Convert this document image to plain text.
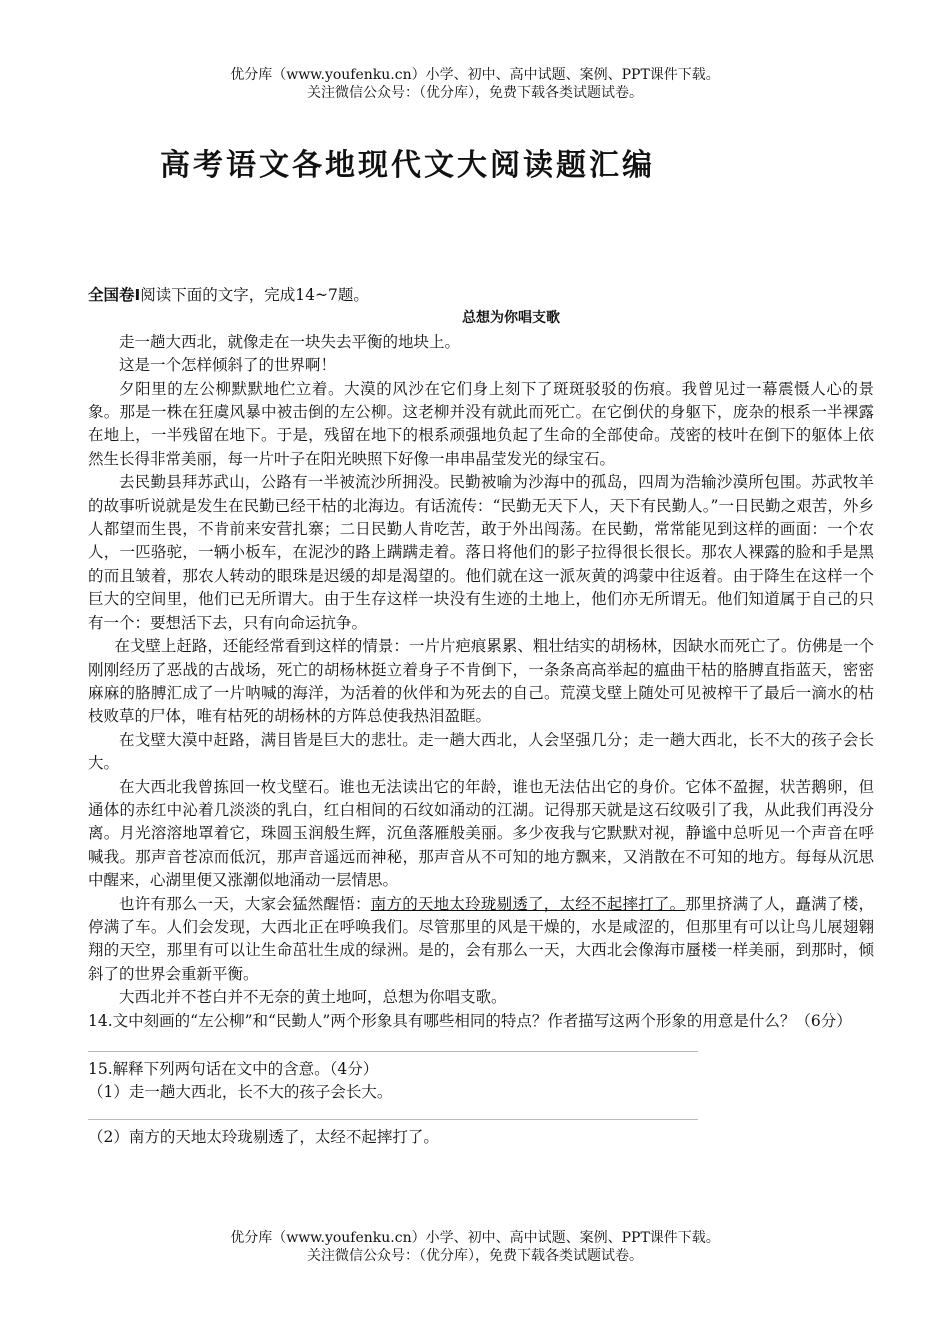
优分库（www.youfenku.cn）小学、初中、高中试题、案例、PPT课件下载。
关注微信公众号：（优分库），免费下载各类试题试卷。
高考语文各地现代文大阅读题汇编
全国卷Ⅰ阅读下面的文字，完成14~7题。
总想为你唱支歌
走一趟大西北，就像走在一块失去平衡的地块上。
这是一个怎样倾斜了的世界啊！
夕阳里的左公柳默默地伫立着。大漠的风沙在它们身上刻下了斑斑驳驳的伤痕。我曾见过一幕震慑人心的景象。那是一株在狂虞风暴中被击倒的左公柳。这老柳并没有就此而死亡。在它倒伏的身躯下，庞杂的根系一半裸露在地上，一半残留在地下。于是，残留在地下的根系顽强地负起了生命的全部使命。茂密的枝叶在倒下的躯体上依然生长得非常美丽，每一片叶子在阳光映照下好像一串串晶莹发光的绿宝石。
去民勤县拜苏武山，公路有一半被流沙所拥没。民勤被喻为沙海中的孤岛，四周为浩输沙漠所包围。苏武牧羊的故事听说就是发生在民勤已经干枯的北海边。有话流传：“民勤无天下人，天下有民勤人。”一日民勤之艰苦，外乡人都望而生畏，不肯前来安营扎寨；二日民勤人肯吃苦，敢于外出闯荡。在民勤，常常能见到这样的画面：一个农人，一匹骆驼，一辆小板车，在泥沙的路上蹒蹒走着。落日将他们的影子拉得很长很长。那农人裸露的脸和手是黑的而且皱着，那农人转动的眼珠是迟缓的却是渴望的。他们就在这一派灰黄的鸿蒙中往返着。由于降生在这样一个巨大的空间里，他们已无所谓大。由于生存这样一块没有生迹的土地上，他们亦无所谓无。他们知道属于自己的只有一个：要想活下去，只有向命运抗争。
在戈壁上赶路，还能经常看到这样的情景：一片片疤痕累累、粗壮结实的胡杨林，因缺水而死亡了。仿佛是一个刚刚经历了恶战的古战场，死亡的胡杨林挺立着身子不肯倒下，一条条高高举起的瘟曲干枯的胳膊直指蓝天，密密麻麻的胳膊汇成了一片呐喊的海洋，为活着的伙伴和为死去的自己。荒漠戈壁上随处可见被榨干了最后一滴水的枯枝败草的尸体，唯有枯死的胡杨林的方阵总使我热泪盈眶。
在戈壁大漠中赶路，满目皆是巨大的悲壮。走一趟大西北，人会坚强几分；走一趟大西北，长不大的孩子会长大。
在大西北我曾拣回一枚戈壁石。谁也无法读出它的年龄，谁也无法估出它的身价。它体不盈握，状苦鹅卵，但通体的赤红中沁着几淡淡的乳白，红白相间的石纹如涌动的江湖。记得那天就是这石纹吸引了我，从此我们再没分离。月光溶溶地罩着它，珠圆玉润般生辉，沉鱼落雁般美丽。多少夜我与它默默对视，静谧中总听见一个声音在呼喊我。那声音苍凉而低沉，那声音遥远而神秘，那声音从不可知的地方飘来，又消散在不可知的地方。每每从沉思中醒来，心湖里便又涨潮似地涌动一层情思。
也许有那么一天，大家会猛然醒悟：南方的天地太玲珑剔透了，太经不起摔打了。那里挤满了人，矗满了楼，停满了车。人们会发现，大西北正在呼唤我们。尽管那里的风是干燥的，水是咸涩的，但那里有可以让鸟儿展翅翱翔的天空，那里有可以让生命茁壮生成的绿洲。是的，会有那么一天，大西北会像海市蜃楼一样美丽，到那时，倾斜了的世界会重新平衡。
大西北并不苍白并不无奈的黄土地呵，总想为你唱支歌。
14.文中刻画的“左公柳”和“民勤人”两个形象具有哪些相同的特点？作者描写这两个形象的用意是什么？（6分）
15.解释下列两句话在文中的含意。（4分）
（1）走一趟大西北，长不大的孩子会长大。
（2）南方的天地太玲珑剔透了，太经不起摔打了。
优分库（www.youfenku.cn）小学、初中、高中试题、案例、PPT课件下载。
关注微信公众号：（优分库），免费下载各类试题试卷。
